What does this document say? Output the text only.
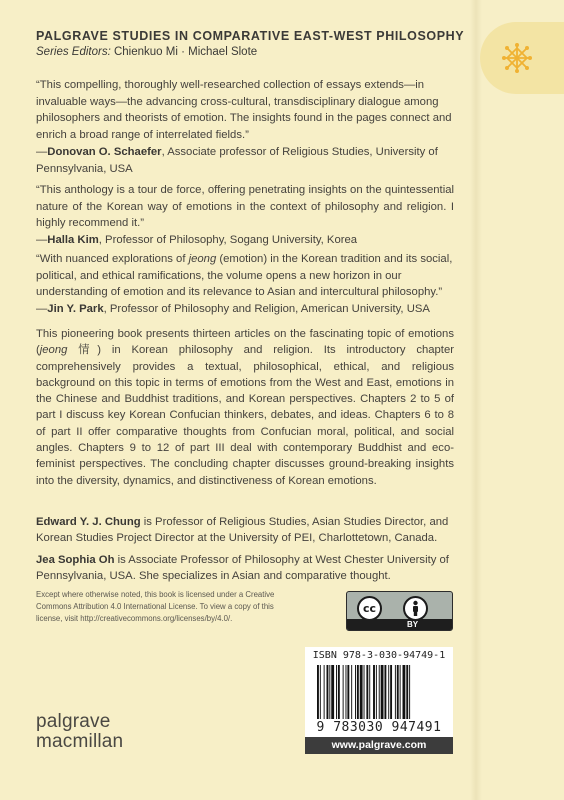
PALGRAVE STUDIES IN COMPARATIVE EAST-WEST PHILOSOPHY
Series Editors: Chienkuo Mi · Michael Slote
“This compelling, thoroughly well-researched collection of essays extends—in invaluable ways—the advancing cross-cultural, transdisciplinary dialogue among philosophers and theorists of emotion. The insights found in the pages connect and enrich a broad range of interrelated fields.”
—Donovan O. Schaefer, Associate professor of Religious Studies, University of Pennsylvania, USA
“This anthology is a tour de force, offering penetrating insights on the quintessential nature of the Korean way of emotions in the context of philosophy and religion. I highly recommend it.”
—Halla Kim, Professor of Philosophy, Sogang University, Korea
“With nuanced explorations of jeong (emotion) in the Korean tradition and its social, political, and ethical ramifications, the volume opens a new horizon in our understanding of emotion and its relevance to Asian and intercultural philosophy.”
—Jin Y. Park, Professor of Philosophy and Religion, American University, USA
This pioneering book presents thirteen articles on the fascinating topic of emotions (jeong 情) in Korean philosophy and religion. Its introductory chapter comprehensively provides a textual, philosophical, ethical, and religious background on this topic in terms of emotions from the West and East, emotions in the Chinese and Buddhist traditions, and Korean perspectives. Chapters 2 to 5 of part I discuss key Korean Confucian thinkers, debates, and ideas. Chapters 6 to 8 of part II offer comparative thoughts from Confucian moral, political, and social angles. Chapters 9 to 12 of part III deal with contemporary Buddhist and eco-feminist perspectives. The concluding chapter discusses ground-breaking insights into the diversity, dynamics, and distinctiveness of Korean emotions.
Edward Y. J. Chung is Professor of Religious Studies, Asian Studies Director, and Korean Studies Project Director at the University of PEI, Charlottetown, Canada.
Jea Sophia Oh is Associate Professor of Philosophy at West Chester University of Pennsylvania, USA. She specializes in Asian and comparative thought.
Except where otherwise noted, this book is licensed under a Creative Commons Attribution 4.0 International License. To view a copy of this license, visit http://creativecommons.org/licenses/by/4.0/.
cc
BY
ISBN 978-3-030-94749-1
9 783030 947491
www.palgrave.com
palgrave
macmillan
